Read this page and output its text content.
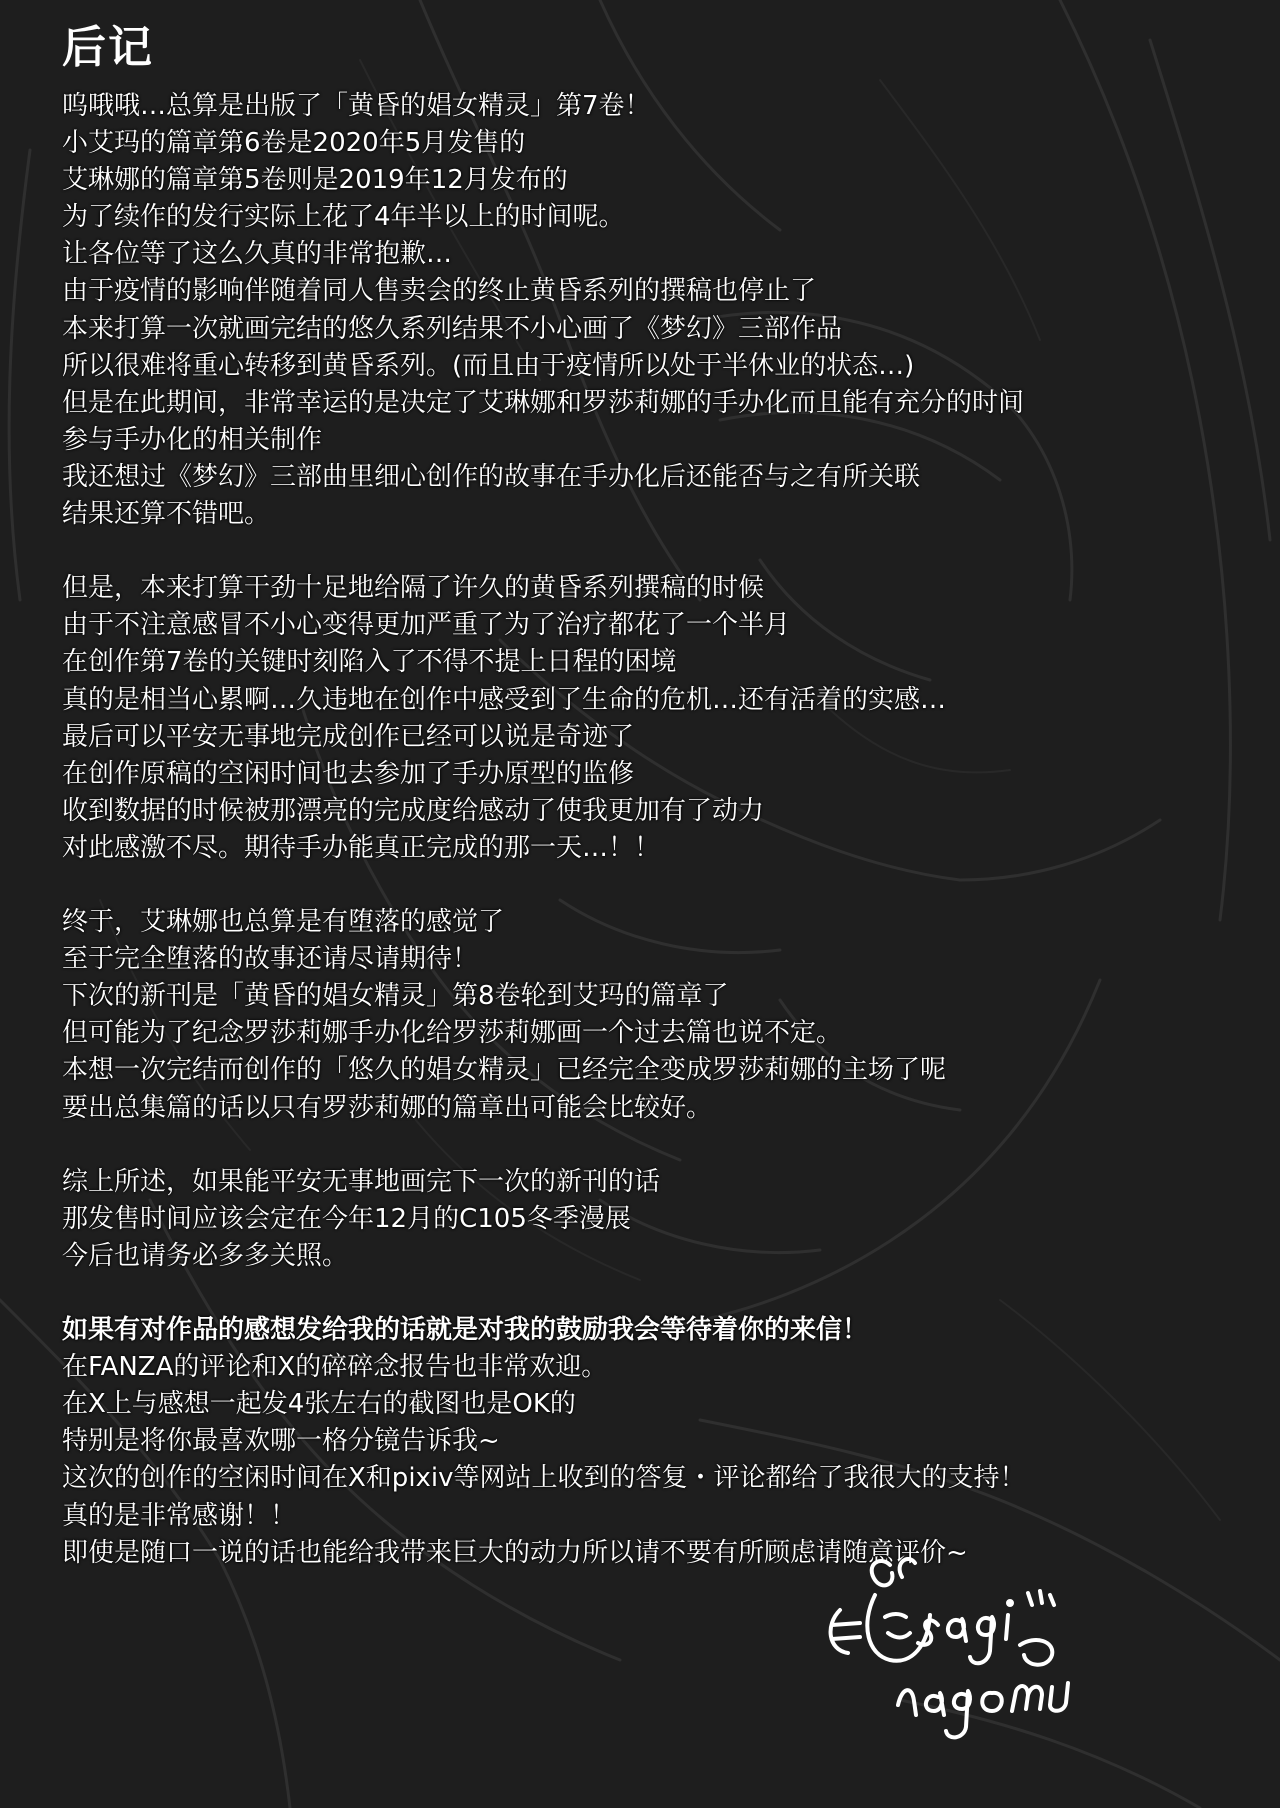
后记
呜哦哦…总算是出版了「黄昏的娼女精灵」第7卷！
小艾玛的篇章第6卷是2020年5月发售的
艾琳娜的篇章第5卷则是2019年12月发布的
为了续作的发行实际上花了4年半以上的时间呢。
让各位等了这么久真的非常抱歉…
由于疫情的影响伴随着同人售卖会的终止黄昏系列的撰稿也停止了
本来打算一次就画完结的悠久系列结果不小心画了《梦幻》三部作品
所以很难将重心转移到黄昏系列。(而且由于疫情所以处于半休业的状态…)
但是在此期间，非常幸运的是决定了艾琳娜和罗莎莉娜的手办化而且能有充分的时间
参与手办化的相关制作
我还想过《梦幻》三部曲里细心创作的故事在手办化后还能否与之有所关联
结果还算不错吧。
但是，本来打算干劲十足地给隔了许久的黄昏系列撰稿的时候
由于不注意感冒不小心变得更加严重了为了治疗都花了一个半月
在创作第7卷的关键时刻陷入了不得不提上日程的困境
真的是相当心累啊…久违地在创作中感受到了生命的危机…还有活着的实感…
最后可以平安无事地完成创作已经可以说是奇迹了
在创作原稿的空闲时间也去参加了手办原型的监修
收到数据的时候被那漂亮的完成度给感动了使我更加有了动力
对此感激不尽。期待手办能真正完成的那一天…！！
终于，艾琳娜也总算是有堕落的感觉了
至于完全堕落的故事还请尽请期待！
下次的新刊是「黄昏的娼女精灵」第8卷轮到艾玛的篇章了
但可能为了纪念罗莎莉娜手办化给罗莎莉娜画一个过去篇也说不定。
本想一次完结而创作的「悠久的娼女精灵」已经完全变成罗莎莉娜的主场了呢
要出总集篇的话以只有罗莎莉娜的篇章出可能会比较好。
综上所述，如果能平安无事地画完下一次的新刊的话
那发售时间应该会定在今年12月的C105冬季漫展
今后也请务必多多关照。
如果有对作品的感想发给我的话就是对我的鼓励我会等待着你的来信！
在FANZA的评论和X的碎碎念报告也非常欢迎。
在X上与感想一起发4张左右的截图也是OK的
特别是将你最喜欢哪一格分镜告诉我~
这次的创作的空闲时间在X和pixiv等网站上收到的答复・评论都给了我很大的支持！
真的是非常感谢！！
即使是随口一说的话也能给我带来巨大的动力所以请不要有所顾虑请随意评价~
usagi nagomu
